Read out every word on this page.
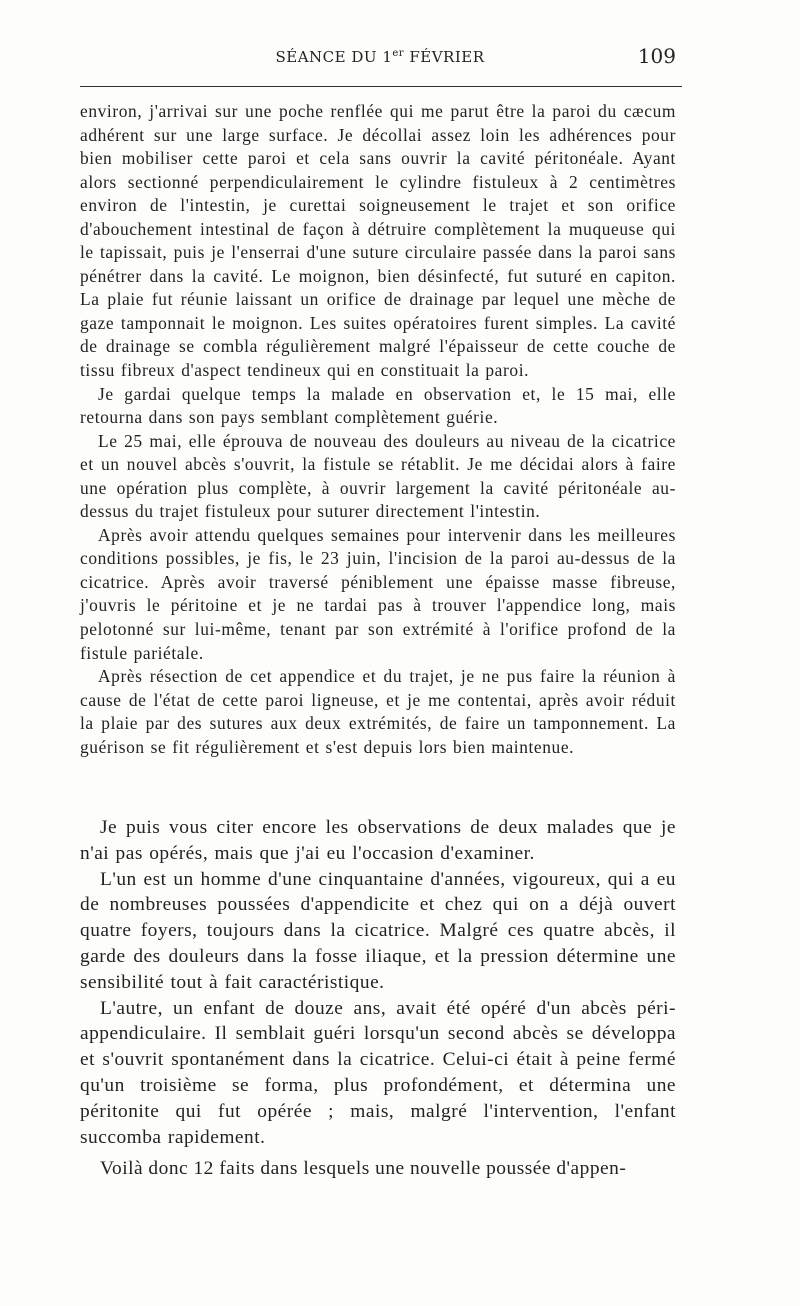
SÉANCE DU 1er FÉVRIER	109

environ, j'arrivai sur une poche renflée qui me parut être la paroi du cæcum adhérent sur une large surface. Je décollai assez loin les adhérences pour bien mobiliser cette paroi et cela sans ouvrir la cavité péritonéale. Ayant alors sectionné perpendiculairement le cylindre fistuleux à 2 centimètres environ de l'intestin, je curettai soigneusement le trajet et son orifice d'abouchement intestinal de façon à détruire complètement la muqueuse qui le tapissait, puis je l'enserrai d'une suture circulaire passée dans la paroi sans pénétrer dans la cavité. Le moignon, bien désinfecté, fut suturé en capiton. La plaie fut réunie laissant un orifice de drainage par lequel une mèche de gaze tamponnait le moignon. Les suites opératoires furent simples. La cavité de drainage se combla régulièrement malgré l'épaisseur de cette couche de tissu fibreux d'aspect tendineux qui en constituait la paroi.

Je gardai quelque temps la malade en observation et, le 15 mai, elle retourna dans son pays semblant complètement guérie.

Le 25 mai, elle éprouva de nouveau des douleurs au niveau de la cicatrice et un nouvel abcès s'ouvrit, la fistule se rétablit. Je me décidai alors à faire une opération plus complète, à ouvrir largement la cavité péritonéale au-dessus du trajet fistuleux pour suturer directement l'intestin.

Après avoir attendu quelques semaines pour intervenir dans les meilleures conditions possibles, je fis, le 23 juin, l'incision de la paroi au-dessus de la cicatrice. Après avoir traversé péniblement une épaisse masse fibreuse, j'ouvris le péritoine et je ne tardai pas à trouver l'appendice long, mais pelotonné sur lui-même, tenant par son extrémité à l'orifice profond de la fistule pariétale.

Après résection de cet appendice et du trajet, je ne pus faire la réunion à cause de l'état de cette paroi ligneuse, et je me contentai, après avoir réduit la plaie par des sutures aux deux extrémités, de faire un tamponnement. La guérison se fit régulièrement et s'est depuis lors bien maintenue.

Je puis vous citer encore les observations de deux malades que je n'ai pas opérés, mais que j'ai eu l'occasion d'examiner.

L'un est un homme d'une cinquantaine d'années, vigoureux, qui a eu de nombreuses poussées d'appendicite et chez qui on a déjà ouvert quatre foyers, toujours dans la cicatrice. Malgré ces quatre abcès, il garde des douleurs dans la fosse iliaque, et la pression détermine une sensibilité tout à fait caractéristique.

L'autre, un enfant de douze ans, avait été opéré d'un abcès péri-appendiculaire. Il semblait guéri lorsqu'un second abcès se développa et s'ouvrit spontanément dans la cicatrice. Celui-ci était à peine fermé qu'un troisième se forma, plus profondément, et détermina une péritonite qui fut opérée ; mais, malgré l'intervention, l'enfant succomba rapidement.

Voilà donc 12 faits dans lesquels une nouvelle poussée d'appen-
